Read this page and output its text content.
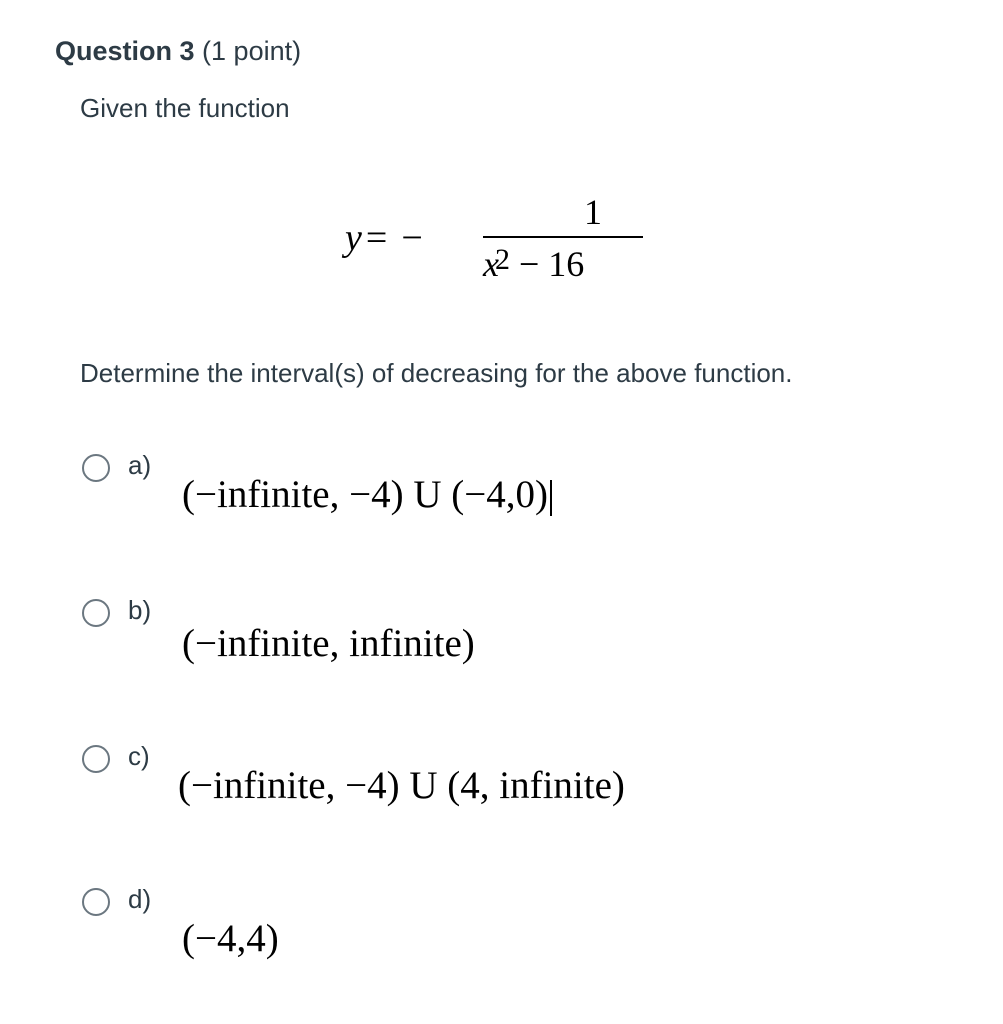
Question 3 (1 point)
Given the function
y = −
1
$x^2 - 16$
Determine the interval(s) of decreasing for the above function.
a)
(−infinite, −4) U (−4,0)
b)
(−infinite, infinite)
c)
(−infinite, −4) U (4, infinite)
d)
(−4,4)
